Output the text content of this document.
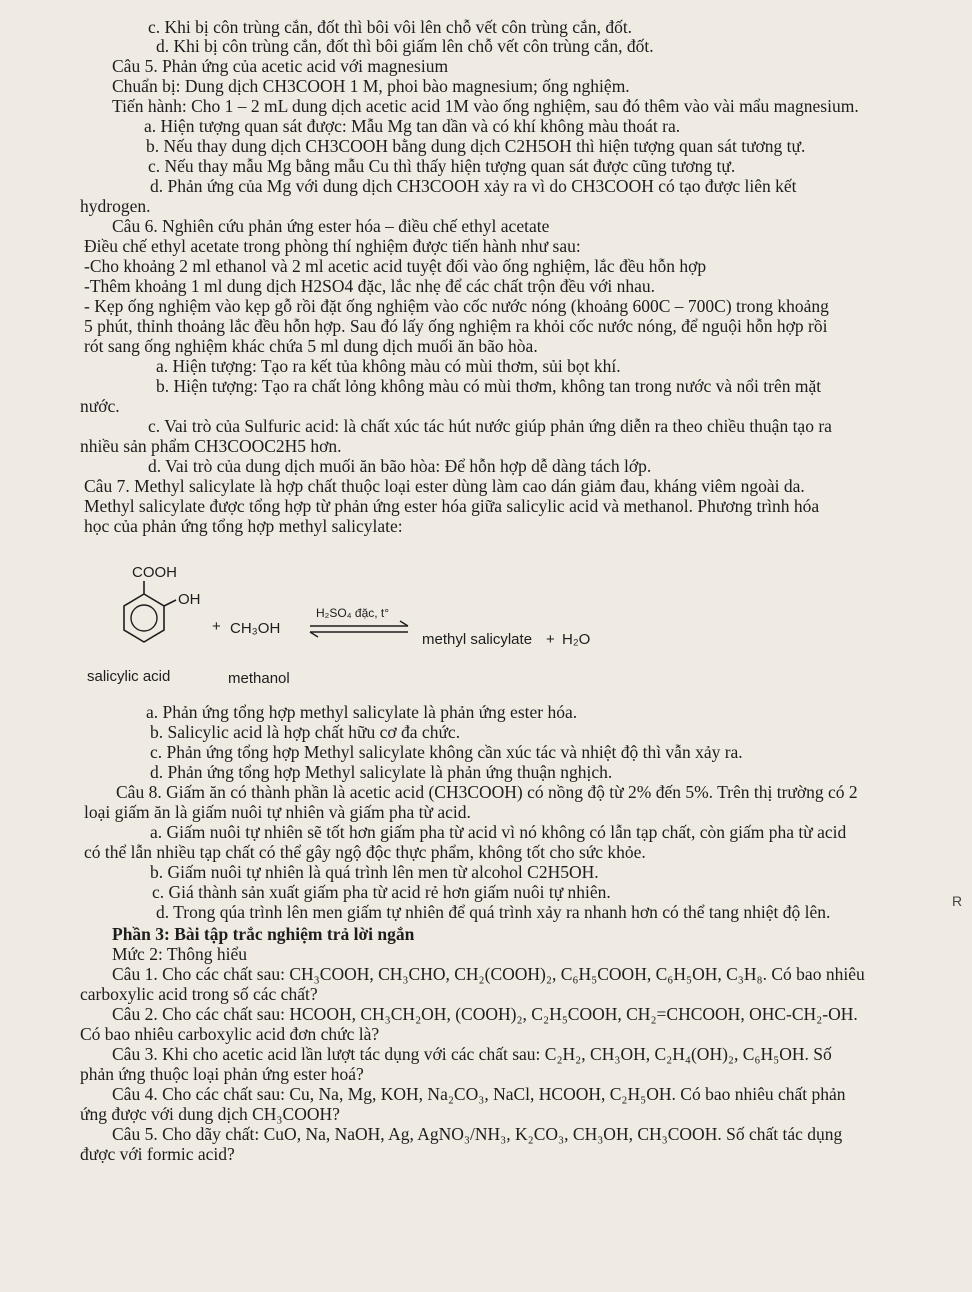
c. Khi bị côn trùng cắn, đốt thì bôi vôi lên chỗ vết côn trùng cắn, đốt.
d. Khi bị côn trùng cắn, đốt thì bôi giấm lên chỗ vết côn trùng cắn, đốt.
Câu 5. Phản ứng của acetic acid với magnesium
Chuẩn bị: Dung dịch CH3COOH 1 M, phoi bào magnesium; ống nghiệm.
Tiến hành: Cho 1 – 2 mL dung dịch acetic acid 1M vào ống nghiệm, sau đó thêm vào vài mẩu magnesium.
a. Hiện tượng quan sát được: Mẫu Mg tan dần và có khí không màu thoát ra.
b. Nếu thay dung dịch CH3COOH bằng dung dịch C2H5OH thì hiện tượng quan sát tương tự.
c. Nếu thay mẫu Mg bằng mẫu Cu thì thấy hiện tượng quan sát được cũng tương tự.
d. Phản ứng của Mg với dung dịch CH3COOH xảy ra vì do CH3COOH có tạo được liên kết
hydrogen.
Câu 6. Nghiên cứu phản ứng ester hóa – điều chế ethyl acetate
Điều chế ethyl acetate trong phòng thí nghiệm được tiến hành như sau:
-Cho khoảng 2 ml ethanol và 2 ml acetic acid tuyệt đối vào ống nghiệm, lắc đều hỗn hợp
-Thêm khoảng 1 ml dung dịch H2SO4 đặc, lắc nhẹ để các chất trộn đều với nhau.
- Kẹp ống nghiệm vào kẹp gỗ rồi đặt ống nghiệm vào cốc nước nóng (khoảng 600C – 700C) trong khoảng
5 phút, thỉnh thoảng lắc đều hỗn hợp. Sau đó lấy ống nghiệm ra khỏi cốc nước nóng, để nguội hỗn hợp rồi
rót sang ống nghiệm khác chứa 5 ml dung dịch muối ăn bão hòa.
a. Hiện tượng: Tạo ra kết tủa không màu có mùi thơm, sủi bọt khí.
b. Hiện tượng: Tạo ra chất lỏng không màu có mùi thơm, không tan trong nước và nổi trên mặt
nước.
c. Vai trò của Sulfuric acid: là chất xúc tác hút nước giúp phản ứng diễn ra theo chiều thuận tạo ra
nhiều sản phẩm CH3COOC2H5 hơn.
d. Vai trò của dung dịch muối ăn bão hòa: Để hỗn hợp dễ dàng tách lớp.
Câu 7. Methyl salicylate là hợp chất thuộc loại ester dùng làm cao dán giảm đau, kháng viêm ngoài da.
Methyl salicylate được tổng hợp từ phản ứng ester hóa giữa salicylic acid và methanol. Phương trình hóa
học của phản ứng tổng hợp methyl salicylate:
a. Phản ứng tổng hợp methyl salicylate là phản ứng ester hóa.
b. Salicylic acid là hợp chất hữu cơ đa chức.
c. Phản ứng tổng hợp Methyl salicylate không cần xúc tác và nhiệt độ thì vẫn xảy ra.
d. Phản ứng tổng hợp Methyl salicylate là phản ứng thuận nghịch.
Câu 8. Giấm ăn có thành phần là acetic acid (CH3COOH) có nồng độ từ 2% đến 5%. Trên thị trường có 2
loại giấm ăn là giấm nuôi tự nhiên và giấm pha từ acid.
a. Giấm nuôi tự nhiên sẽ tốt hơn giấm pha từ acid vì nó không có lẫn tạp chất, còn giấm pha từ acid
có thể lẫn nhiều tạp chất có thể gây ngộ độc thực phẩm, không tốt cho sức khỏe.
b. Giấm nuôi tự nhiên là quá trình lên men từ alcohol C2H5OH.
c. Giá thành sản xuất giấm pha từ acid rẻ hơn giấm nuôi tự nhiên.
d. Trong qúa trình lên men giấm tự nhiên để quá trình xảy ra nhanh hơn có thể tang nhiệt độ lên.
Phần 3: Bài tập trắc nghiệm trả lời ngắn
Mức 2: Thông hiểu
Câu 1. Cho các chất sau: CH₃COOH, CH₃CHO, CH₂(COOH)₂, C₆H₅COOH, C₆H₅OH, C₃H₈. Có bao nhiêu
carboxylic acid trong số các chất?
Câu 2. Cho các chất sau: HCOOH, CH₃CH₂OH, (COOH)₂, C₂H₅COOH, CH₂=CHCOOH, OHC-CH₂-OH.
Có bao nhiêu carboxylic acid đơn chức là?
Câu 3. Khi cho acetic acid lần lượt tác dụng với các chất sau: C₂H₂, CH₃OH, C₂H₄(OH)₂, C₆H₅OH. Số
phản ứng thuộc loại phản ứng ester hoá?
Câu 4. Cho các chất sau: Cu, Na, Mg, KOH, Na₂CO₃, NaCl, HCOOH, C₂H₅OH. Có bao nhiêu chất phản
ứng được với dung dịch CH₃COOH?
Câu 5. Cho dãy chất: CuO, Na, NaOH, Ag, AgNO₃/NH₃, K₂CO₃, CH₃OH, CH₃COOH. Số chất tác dụng
được với formic acid?
COOH
OH
+ CH₃OH
H₂SO₄ đặc, t°
methyl salicylate + H₂O
salicylic acid	methanol
R
